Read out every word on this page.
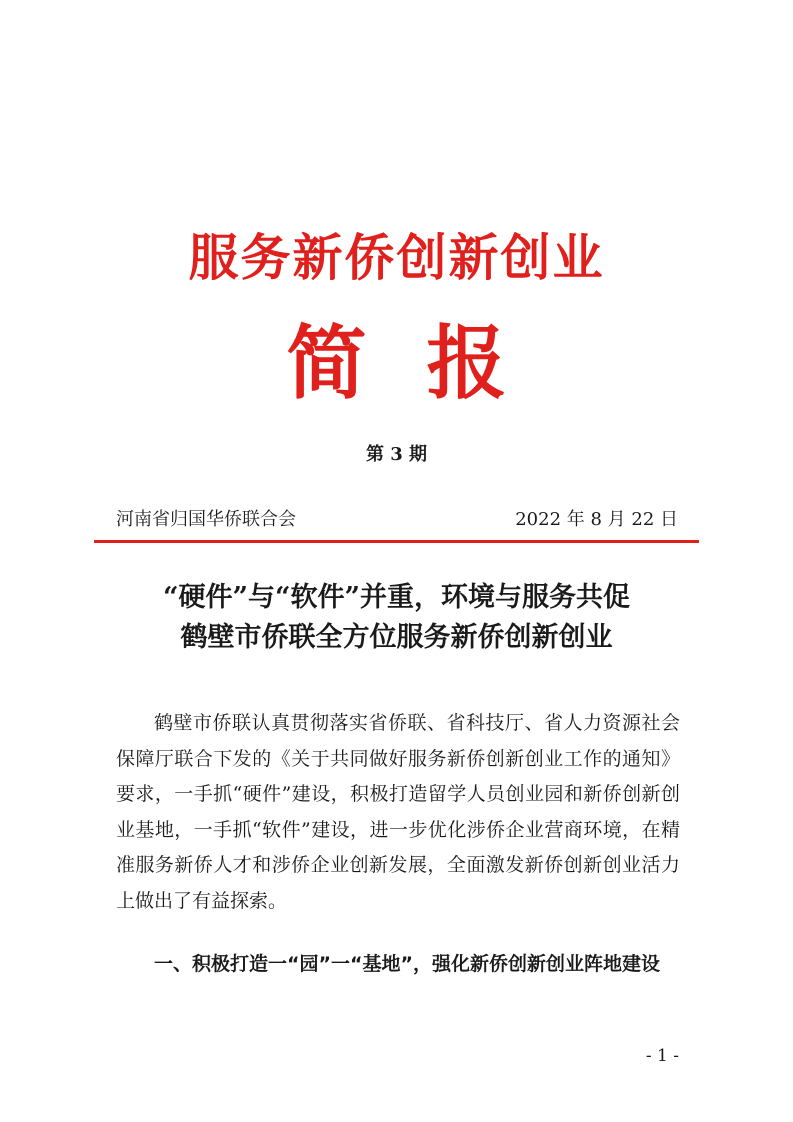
服务新侨创新创业
简报
第 3 期
河南省归国华侨联合会	2022 年 8 月 22 日
“硬件”与“软件”并重，环境与服务共促
鹤壁市侨联全方位服务新侨创新创业

鹤壁市侨联认真贯彻落实省侨联、省科技厅、省人力资源社会保障厅联合下发的《关于共同做好服务新侨创新创业工作的通知》要求，一手抓“硬件”建设，积极打造留学人员创业园和新侨创新创业基地，一手抓“软件”建设，进一步优化涉侨企业营商环境，在精准服务新侨人才和涉侨企业创新发展，全面激发新侨创新创业活力上做出了有益探索。

一、积极打造一“园”一“基地”，强化新侨创新创业阵地建设

- 1 -
